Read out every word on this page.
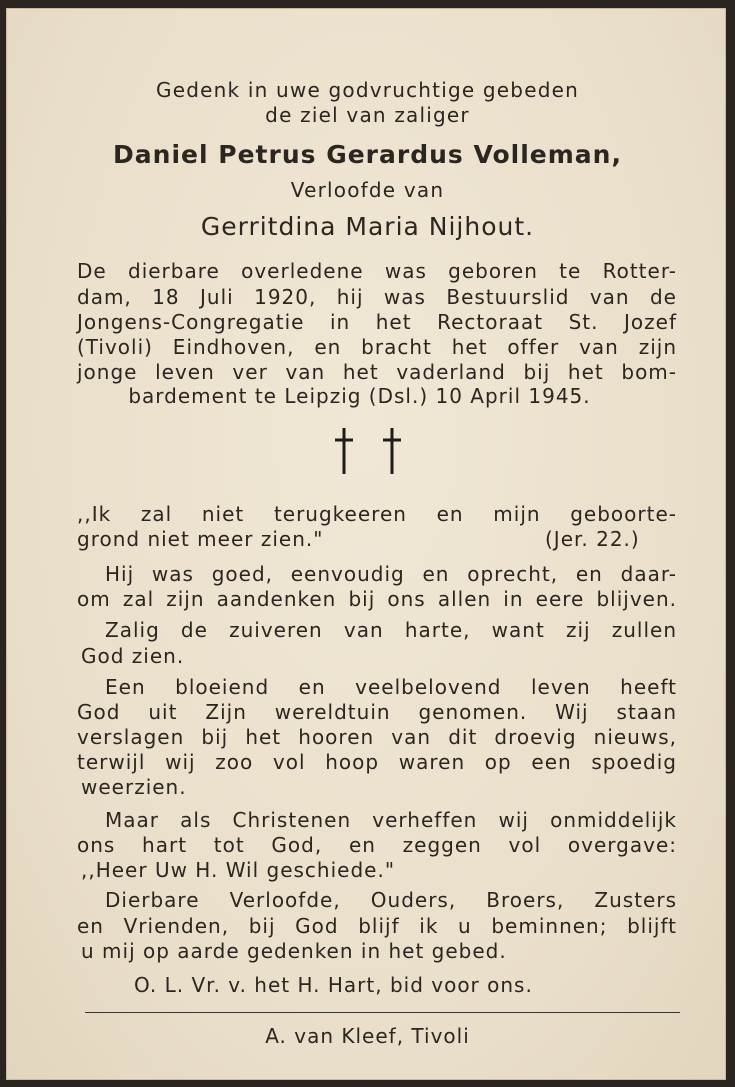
Gedenk in uwe godvruchtige gebeden
de ziel van zaliger
Daniel Petrus Gerardus Volleman,
Verloofde van
Gerritdina Maria Nijhout.
De dierbare overledene was geboren te Rotter-
dam, 18 Juli 1920, hij was Bestuurslid van de
Jongens-Congregatie in het Rectoraat St. Jozef
(Tivoli) Eindhoven, en bracht het offer van zijn
jonge leven ver van het vaderland bij het bom-
bardement te Leipzig (Dsl.) 10 April 1945.
,,Ik zal niet terugkeeren en mijn geboorte-
grond niet meer zien."	(Jer. 22.)
Hij was goed, eenvoudig en oprecht, en daar-
om zal zijn aandenken bij ons allen in eere blijven.
Zalig de zuiveren van harte, want zij zullen
God zien.
Een bloeiend en veelbelovend leven heeft
God uit Zijn wereldtuin genomen. Wij staan
verslagen bij het hooren van dit droevig nieuws,
terwijl wij zoo vol hoop waren op een spoedig
weerzien.
Maar als Christenen verheffen wij onmiddelijk
ons hart tot God, en zeggen vol overgave:
,,Heer Uw H. Wil geschiede."
Dierbare Verloofde, Ouders, Broers, Zusters
en Vrienden, bij God blijf ik u beminnen; blijft
u mij op aarde gedenken in het gebed.
O. L. Vr. v. het H. Hart, bid voor ons.
A. van Kleef, Tivoli
